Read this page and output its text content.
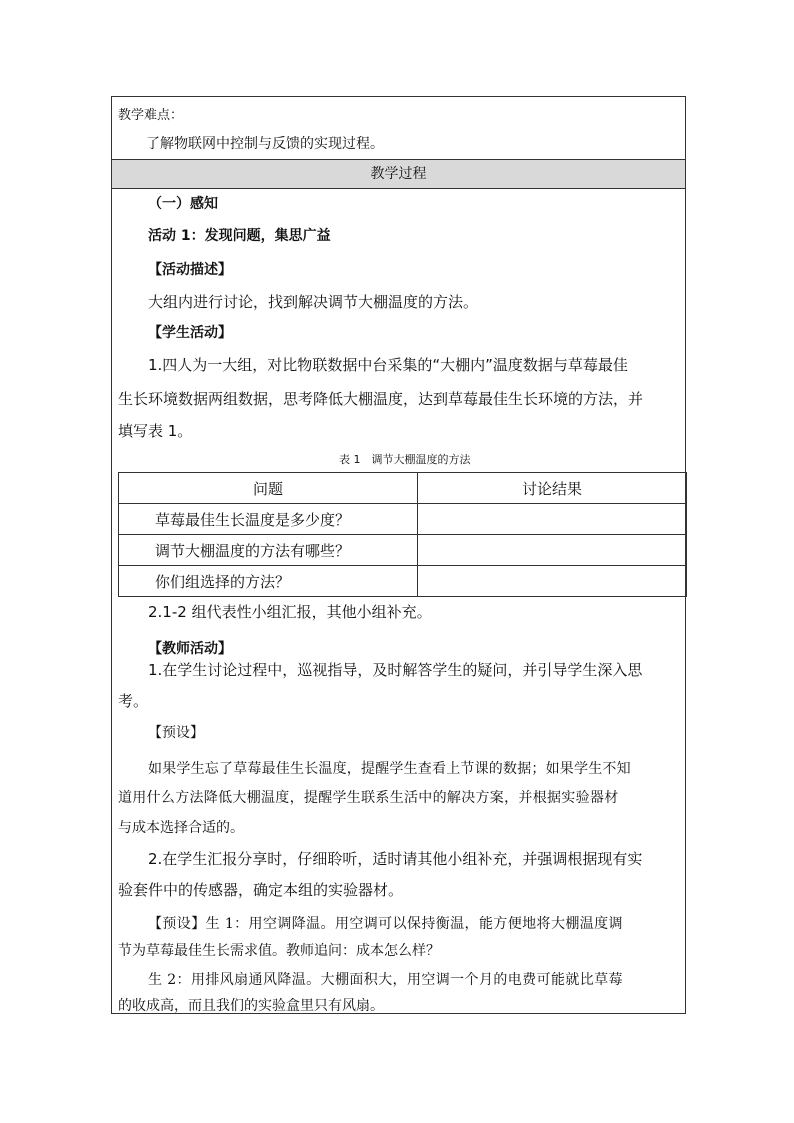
教学过程
教学难点：
了解物联网中控制与反馈的实现过程。
（一）感知
活动 1：发现问题，集思广益
【活动描述】
大组内进行讨论，找到解决调节大棚温度的方法。
【学生活动】
1.四人为一大组，对比物联数据中台采集的“大棚内”温度数据与草莓最佳
生长环境数据两组数据，思考降低大棚温度，达到草莓最佳生长环境的方法，并
填写表 1。
表 1　调节大棚温度的方法
问题	讨论结果
草莓最佳生长温度是多少度？	
调节大棚温度的方法有哪些？	
你们组选择的方法？	
2.1-2 组代表性小组汇报，其他小组补充。
【教师活动】
1.在学生讨论过程中，巡视指导，及时解答学生的疑问，并引导学生深入思
考。
【预设】
如果学生忘了草莓最佳生长温度，提醒学生查看上节课的数据；如果学生不知
道用什么方法降低大棚温度，提醒学生联系生活中的解决方案，并根据实验器材
与成本选择合适的。
2.在学生汇报分享时，仔细聆听，适时请其他小组补充，并强调根据现有实
验套件中的传感器，确定本组的实验器材。
【预设】生 1：用空调降温。用空调可以保持衡温，能方便地将大棚温度调
节为草莓最佳生长需求值。教师追问：成本怎么样？
生 2：用排风扇通风降温。大棚面积大，用空调一个月的电费可能就比草莓
的收成高，而且我们的实验盒里只有风扇。
